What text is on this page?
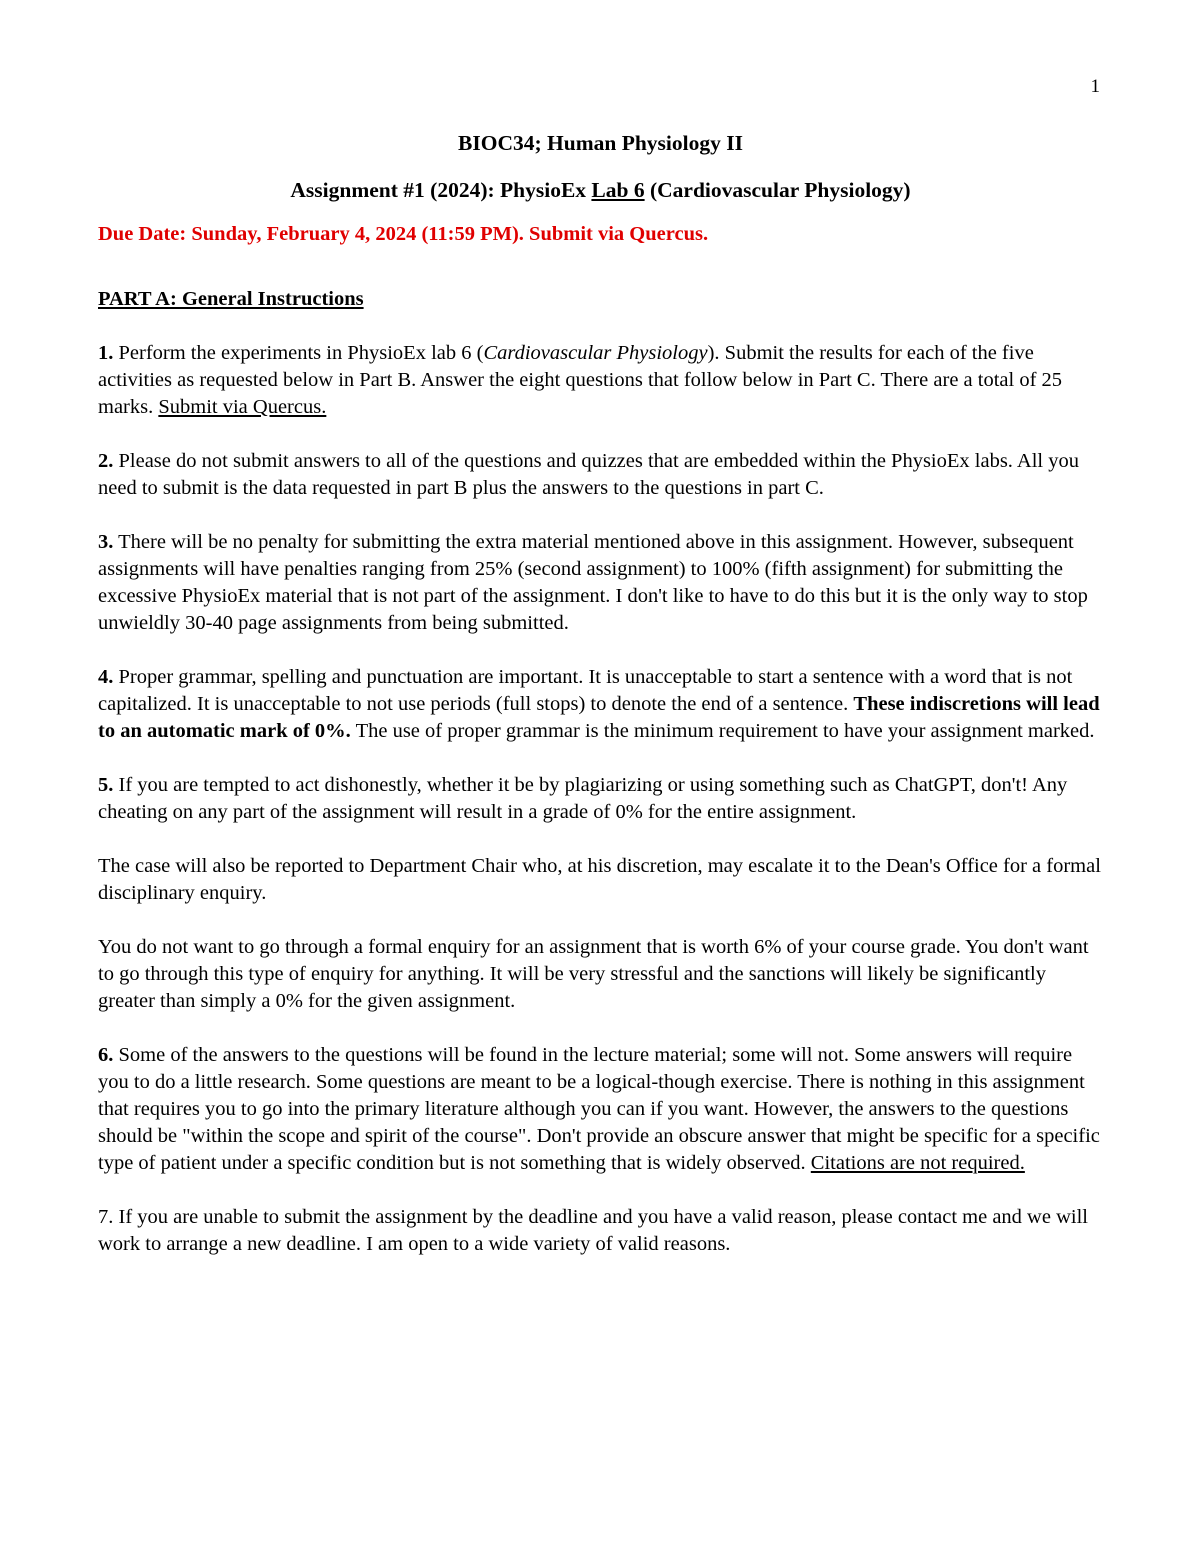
1

BIOC34; Human Physiology II

Assignment #1 (2024): PhysioEx Lab 6 (Cardiovascular Physiology)

Due Date: Sunday, February 4, 2024 (11:59 PM). Submit via Quercus.

PART A: General Instructions

1. Perform the experiments in PhysioEx lab 6 (Cardiovascular Physiology). Submit the results for each of the five activities as requested below in Part B. Answer the eight questions that follow below in Part C. There are a total of 25 marks. Submit via Quercus.

2. Please do not submit answers to all of the questions and quizzes that are embedded within the PhysioEx labs. All you need to submit is the data requested in part B plus the answers to the questions in part C.

3. There will be no penalty for submitting the extra material mentioned above in this assignment. However, subsequent assignments will have penalties ranging from 25% (second assignment) to 100% (fifth assignment) for submitting the excessive PhysioEx material that is not part of the assignment. I don't like to have to do this but it is the only way to stop unwieldly 30-40 page assignments from being submitted.

4. Proper grammar, spelling and punctuation are important. It is unacceptable to start a sentence with a word that is not capitalized. It is unacceptable to not use periods (full stops) to denote the end of a sentence. These indiscretions will lead to an automatic mark of 0%. The use of proper grammar is the minimum requirement to have your assignment marked.

5. If you are tempted to act dishonestly, whether it be by plagiarizing or using something such as ChatGPT, don't! Any cheating on any part of the assignment will result in a grade of 0% for the entire assignment.

The case will also be reported to Department Chair who, at his discretion, may escalate it to the Dean's Office for a formal disciplinary enquiry.

You do not want to go through a formal enquiry for an assignment that is worth 6% of your course grade. You don't want to go through this type of enquiry for anything. It will be very stressful and the sanctions will likely be significantly greater than simply a 0% for the given assignment.

6. Some of the answers to the questions will be found in the lecture material; some will not. Some answers will require you to do a little research. Some questions are meant to be a logical-though exercise. There is nothing in this assignment that requires you to go into the primary literature although you can if you want. However, the answers to the questions should be "within the scope and spirit of the course". Don't provide an obscure answer that might be specific for a specific type of patient under a specific condition but is not something that is widely observed. Citations are not required.

7. If you are unable to submit the assignment by the deadline and you have a valid reason, please contact me and we will work to arrange a new deadline. I am open to a wide variety of valid reasons.
